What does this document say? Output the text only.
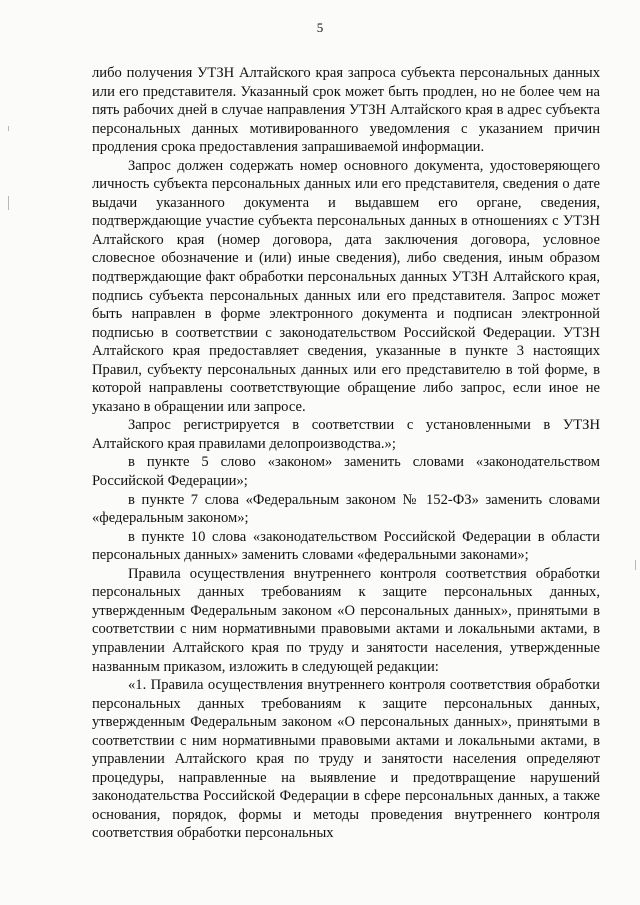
5

либо получения УТЗН Алтайского края запроса субъекта персональных данных или его представителя. Указанный срок может быть продлен, но не более чем на пять рабочих дней в случае направления УТЗН Алтайского края в адрес субъекта персональных данных мотивированного уведомления с указанием причин продления срока предоставления запрашиваемой информации.

Запрос должен содержать номер основного документа, удостоверяющего личность субъекта персональных данных или его представителя, сведения о дате выдачи указанного документа и выдавшем его органе, сведения, подтверждающие участие субъекта персональных данных в отношениях с УТЗН Алтайского края (номер договора, дата заключения договора, условное словесное обозначение и (или) иные сведения), либо сведения, иным образом подтверждающие факт обработки персональных данных УТЗН Алтайского края, подпись субъекта персональных данных или его представителя. Запрос может быть направлен в форме электронного документа и подписан электронной подписью в соответствии с законодательством Российской Федерации. УТЗН Алтайского края предоставляет сведения, указанные в пункте 3 настоящих Правил, субъекту персональных данных или его представителю в той форме, в которой направлены соответствующие обращение либо запрос, если иное не указано в обращении или запросе.

Запрос регистрируется в соответствии с установленными в УТЗН Алтайского края правилами делопроизводства.»;

в пункте 5 слово «законом» заменить словами «законодательством Российской Федерации»;

в пункте 7 слова «Федеральным законом № 152-ФЗ» заменить словами «федеральным законом»;

в пункте 10 слова «законодательством Российской Федерации в области персональных данных» заменить словами «федеральными законами»;

Правила осуществления внутреннего контроля соответствия обработки персональных данных требованиям к защите персональных данных, утвержденным Федеральным законом «О персональных данных», принятыми в соответствии с ним нормативными правовыми актами и локальными актами, в управлении Алтайского края по труду и занятости населения, утвержденные названным приказом, изложить в следующей редакции:

«1. Правила осуществления внутреннего контроля соответствия обработки персональных данных требованиям к защите персональных данных, утвержденным Федеральным законом «О персональных данных», принятыми в соответствии с ним нормативными правовыми актами и локальными актами, в управлении Алтайского края по труду и занятости населения определяют процедуры, направленные на выявление и предотвращение нарушений законодательства Российской Федерации в сфере персональных данных, а также основания, порядок, формы и методы проведения внутреннего контроля соответствия обработки персональных
